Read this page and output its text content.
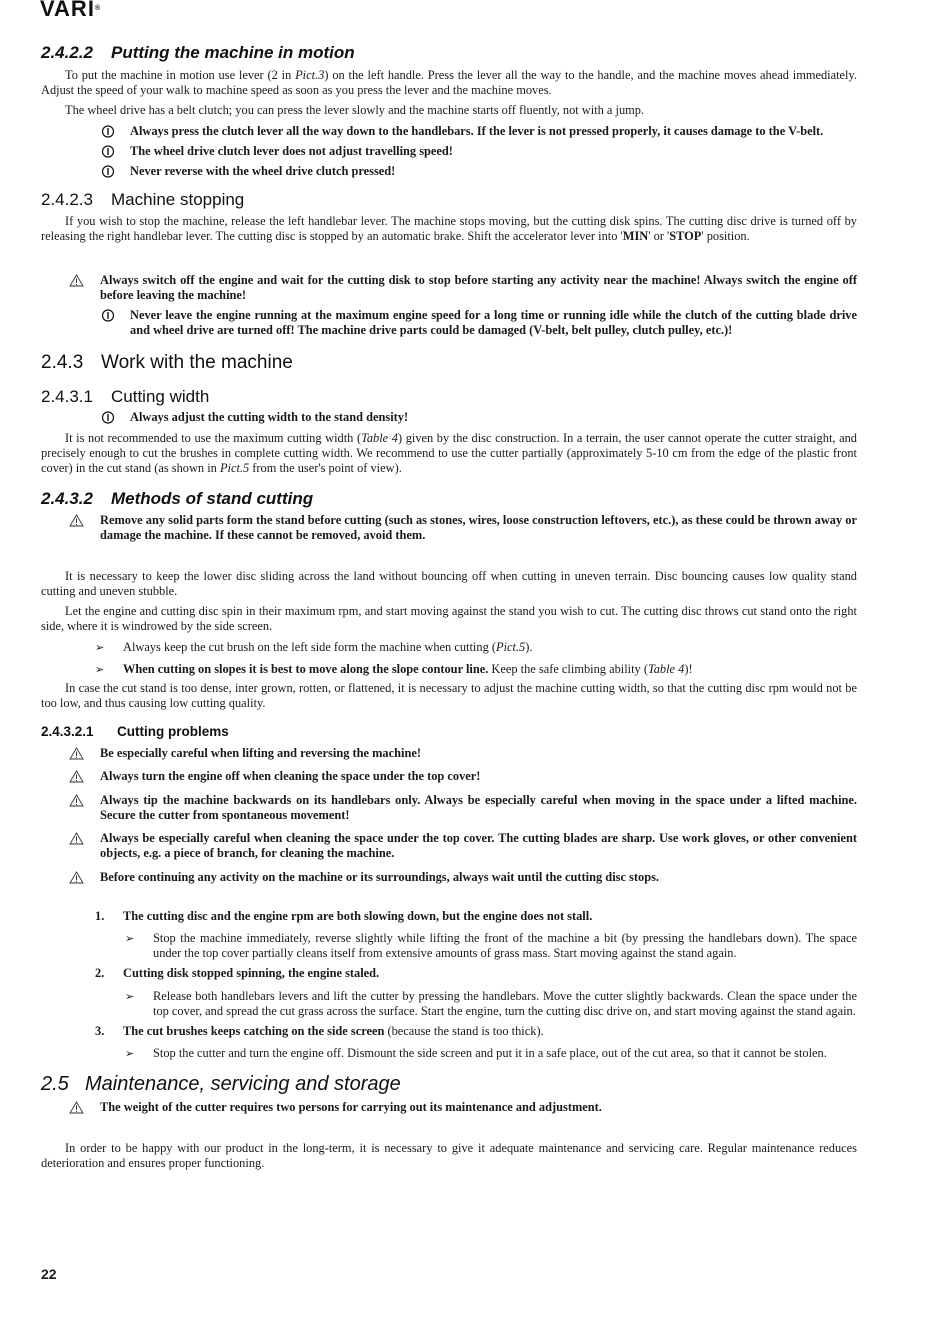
VARI®
2.4.2.2 Putting the machine in motion

To put the machine in motion use lever (2 in Pict.3) on the left handle. Press the lever all the way to the handle, and the machine moves ahead immediately. Adjust the speed of your walk to machine speed as soon as you press the lever and the machine moves.

The wheel drive has a belt clutch; you can press the lever slowly and the machine starts off fluently, not with a jump.

Always press the clutch lever all the way down to the handlebars. If the lever is not pressed properly, it causes damage to the V-belt.
The wheel drive clutch lever does not adjust travelling speed!
Never reverse with the wheel drive clutch pressed!
2.4.2.3 Machine stopping

If you wish to stop the machine, release the left handlebar lever. The machine stops moving, but the cutting disk spins. The cutting disc drive is turned off by releasing the right handlebar lever. The cutting disc is stopped by an automatic brake. Shift the accelerator lever into 'MIN' or 'STOP' position.

Always switch off the engine and wait for the cutting disk to stop before starting any activity near the machine! Always switch the engine off before leaving the machine!
Never leave the engine running at the maximum engine speed for a long time or running idle while the clutch of the cutting blade drive and wheel drive are turned off! The machine drive parts could be damaged (V-belt, belt pulley, clutch pulley, etc.)!
2.4.3 Work with the machine
2.4.3.1 Cutting width
Always adjust the cutting width to the stand density!

It is not recommended to use the maximum cutting width (Table 4) given by the disc construction. In a terrain, the user cannot operate the cutter straight, and precisely enough to cut the brushes in complete cutting width. We recommend to use the cutter partially (approximately 5-10 cm from the edge of the plastic front cover) in the cut stand (as shown in Pict.5 from the user's point of view).

2.4.3.2 Methods of stand cutting
Remove any solid parts form the stand before cutting (such as stones, wires, loose construction leftovers, etc.), as these could be thrown away or damage the machine. If these cannot be removed, avoid them.

It is necessary to keep the lower disc sliding across the land without bouncing off when cutting in uneven terrain. Disc bouncing causes low quality stand cutting and uneven stubble.

Let the engine and cutting disc spin in their maximum rpm, and start moving against the stand you wish to cut. The cutting disc throws cut stand onto the right side, where it is windrowed by the side screen.

➢ Always keep the cut brush on the left side form the machine when cutting (Pict.5).
➢ When cutting on slopes it is best to move along the slope contour line. Keep the safe climbing ability (Table 4)!

In case the cut stand is too dense, inter grown, rotten, or flattened, it is necessary to adjust the machine cutting width, so that the cutting disc rpm would not be too low, and thus causing low cutting quality.

2.4.3.2.1 Cutting problems
Be especially careful when lifting and reversing the machine!
Always turn the engine off when cleaning the space under the top cover!
Always tip the machine backwards on its handlebars only. Always be especially careful when moving in the space under a lifted machine. Secure the cutter from spontaneous movement!
Always be especially careful when cleaning the space under the top cover. The cutting blades are sharp. Use work gloves, or other convenient objects, e.g. a piece of branch, for cleaning the machine.
Before continuing any activity on the machine or its surroundings, always wait until the cutting disc stops.
1. The cutting disc and the engine rpm are both slowing down, but the engine does not stall.
➢ Stop the machine immediately, reverse slightly while lifting the front of the machine a bit (by pressing the handlebars down). The space under the top cover partially cleans itself from extensive amounts of grass mass. Start moving against the stand again.
2. Cutting disk stopped spinning, the engine staled.
➢ Release both handlebars levers and lift the cutter by pressing the handlebars. Move the cutter slightly backwards. Clean the space under the top cover, and spread the cut grass across the surface. Start the engine, turn the cutting disc drive on, and start moving against the stand again.
3. The cut brushes keeps catching on the side screen (because the stand is too thick).
➢ Stop the cutter and turn the engine off. Dismount the side screen and put it in a safe place, out of the cut area, so that it cannot be stolen.
2.5 Maintenance, servicing and storage
The weight of the cutter requires two persons for carrying out its maintenance and adjustment.

In order to be happy with our product in the long-term, it is necessary to give it adequate maintenance and servicing care. Regular maintenance reduces deterioration and ensures proper functioning.

22
